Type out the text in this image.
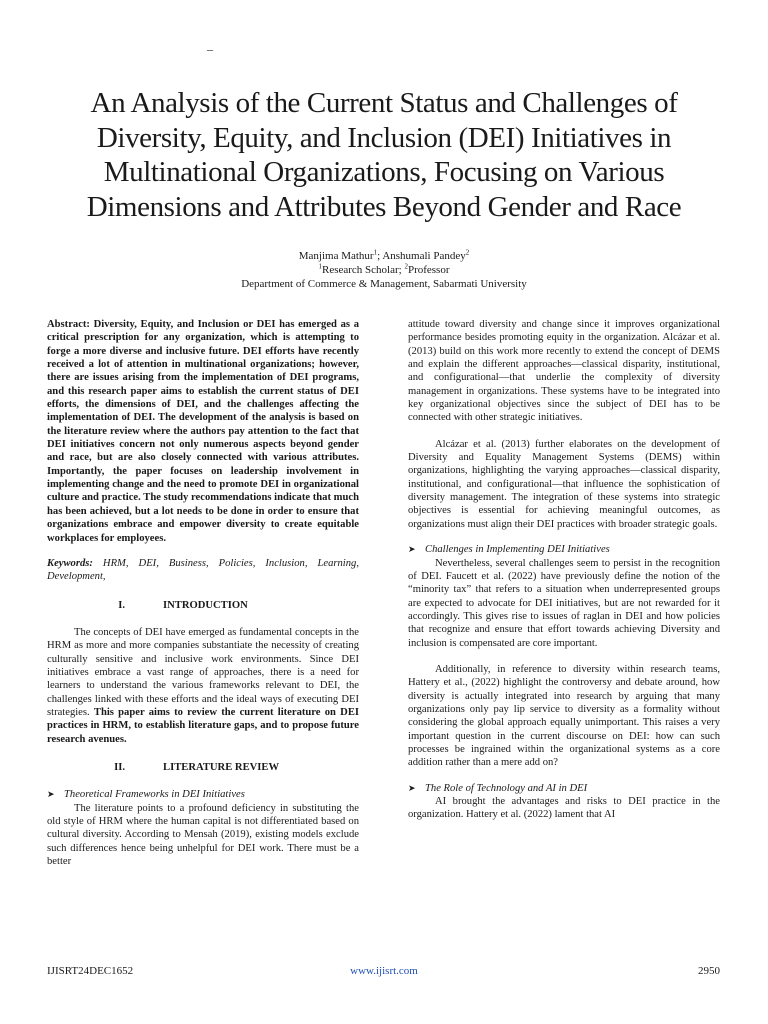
–
An Analysis of the Current Status and Challenges of Diversity, Equity, and Inclusion (DEI) Initiatives in Multinational Organizations, Focusing on Various Dimensions and Attributes Beyond Gender and Race
Manjima Mathur$^1$; Anshumali Pandey$^2$
$^1$Research Scholar; $^2$Professor
Department of Commerce & Management, Sabarmati University

Abstract: Diversity, Equity, and Inclusion or DEI has emerged as a critical prescription for any organization, which is attempting to forge a more diverse and inclusive future. DEI efforts have recently received a lot of attention in multinational organizations; however, there are issues arising from the implementation of DEI programs, and this research paper aims to establish the current status of DEI efforts, the dimensions of DEI, and the challenges affecting the implementation of DEI. The development of the analysis is based on the literature review where the authors pay attention to the fact that DEI initiatives concern not only numerous aspects beyond gender and race, but are also closely connected with various attributes. Importantly, the paper focuses on leadership involvement in implementing change and the need to promote DEI in organizational culture and practice. The study recommendations indicate that much has been achieved, but a lot needs to be done in order to ensure that organizations embrace and empower diversity to create equitable workplaces for employees.

Keywords: HRM, DEI, Business, Policies, Inclusion, Learning, Development,

I.	INTRODUCTION

The concepts of DEI have emerged as fundamental concepts in the HRM as more and more companies substantiate the necessity of creating culturally sensitive and inclusive work environments. Since DEI initiatives embrace a vast range of approaches, there is a need for learners to understand the various frameworks relevant to DEI, the challenges linked with these efforts and the ideal ways of executing DEI strategies. This paper aims to review the current literature on DEI practices in HRM, to establish literature gaps, and to propose future research avenues.

II.	LITERATURE REVIEW
➤ Theoretical Frameworks in DEI Initiatives

The literature points to a profound deficiency in substituting the old style of HRM where the human capital is not differentiated based on cultural diversity. According to Mensah (2019), existing models exclude such differences hence being unhelpful for DEI work. There must be a better

attitude toward diversity and change since it improves organizational performance besides promoting equity in the organization. Alcázar et al. (2013) build on this work more recently to extend the concept of DEMS and explain the different approaches—classical disparity, institutional, and configurational—that underlie the complexity of diversity management in organizations. These systems have to be integrated into key organizational objectives since the subject of DEI has to be connected with other strategic initiatives.

Alcázar et al. (2013) further elaborates on the development of Diversity and Equality Management Systems (DEMS) within organizations, highlighting the varying approaches—classical disparity, institutional, and configurational—that influence the sophistication of diversity management. The integration of these systems into strategic objectives is essential for achieving meaningful outcomes, as organizations must align their DEI practices with broader strategic goals.

➤ Challenges in Implementing DEI Initiatives

Nevertheless, several challenges seem to persist in the recognition of DEI. Faucett et al. (2022) have previously define the notion of the “minority tax” that refers to a situation when underrepresented groups are expected to advocate for DEI initiatives, but are not rewarded for it accordingly. This gives rise to issues of raglan in DEI and how policies that recognize and ensure that effort towards achieving Diversity and inclusion is compensated are core important.

Additionally, in reference to diversity within research teams, Hattery et al., (2022) highlight the controversy and debate around, how diversity is actually integrated into research by arguing that many organizations only pay lip service to diversity as a formality without considering the global approach equally unimportant. This raises a very important question in the current discourse on DEI: how can such processes be ingrained within the organizational systems as a core addition rather than a mere add on?

➤ The Role of Technology and AI in DEI

AI brought the advantages and risks to DEI practice in the organization. Hattery et al. (2022) lament that AI

IJISRT24DEC1652	www.ijisrt.com	2950
